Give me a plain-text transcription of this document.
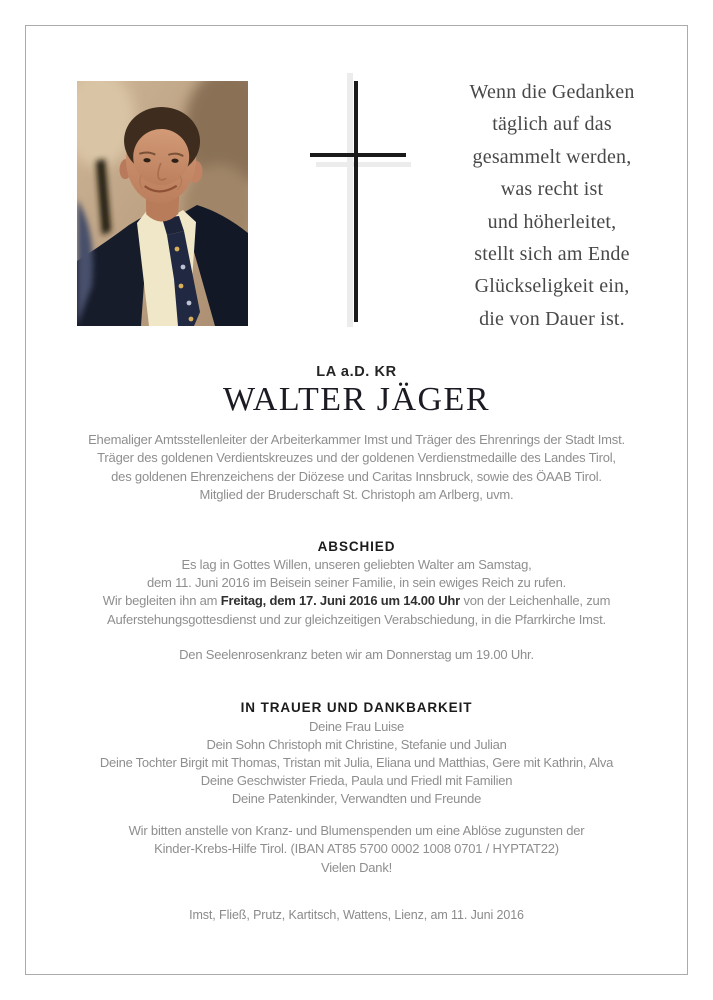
Wenn die Gedanken
täglich auf das
gesammelt werden,
was recht ist
und höherleitet,
stellt sich am Ende
Glückseligkeit ein,
die von Dauer ist.
LA a.D. KR
WALTER JÄGER
Ehemaliger Amtsstellenleiter der Arbeiterkammer Imst und Träger des Ehrenrings der Stadt Imst.
Träger des goldenen Verdientskreuzes und der goldenen Verdienstmedaille des Landes Tirol,
des goldenen Ehrenzeichens der Diözese und Caritas Innsbruck, sowie des ÖAAB Tirol.
Mitglied der Bruderschaft St. Christoph am Arlberg, uvm.
ABSCHIED
Es lag in Gottes Willen, unseren geliebten Walter am Samstag,
dem 11. Juni 2016 im Beisein seiner Familie, in sein ewiges Reich zu rufen.
Wir begleiten ihn am Freitag, dem 17. Juni 2016 um 14.00 Uhr von der Leichenhalle, zum
Auferstehungsgottesdienst und zur gleichzeitigen Verabschiedung, in die Pfarrkirche Imst.
Den Seelenrosenkranz beten wir am Donnerstag um 19.00 Uhr.
IN TRAUER UND DANKBARKEIT
Deine Frau Luise
Dein Sohn Christoph mit Christine, Stefanie und Julian
Deine Tochter Birgit mit Thomas, Tristan mit Julia, Eliana und Matthias, Gere mit Kathrin, Alva
Deine Geschwister Frieda, Paula und Friedl mit Familien
Deine Patenkinder, Verwandten und Freunde
Wir bitten anstelle von Kranz- und Blumenspenden um eine Ablöse zugunsten der
Kinder-Krebs-Hilfe Tirol. (IBAN AT85 5700 0002 1008 0701 / HYPTAT22)
Vielen Dank!
Imst, Fließ, Prutz, Kartitsch, Wattens, Lienz, am 11. Juni 2016
